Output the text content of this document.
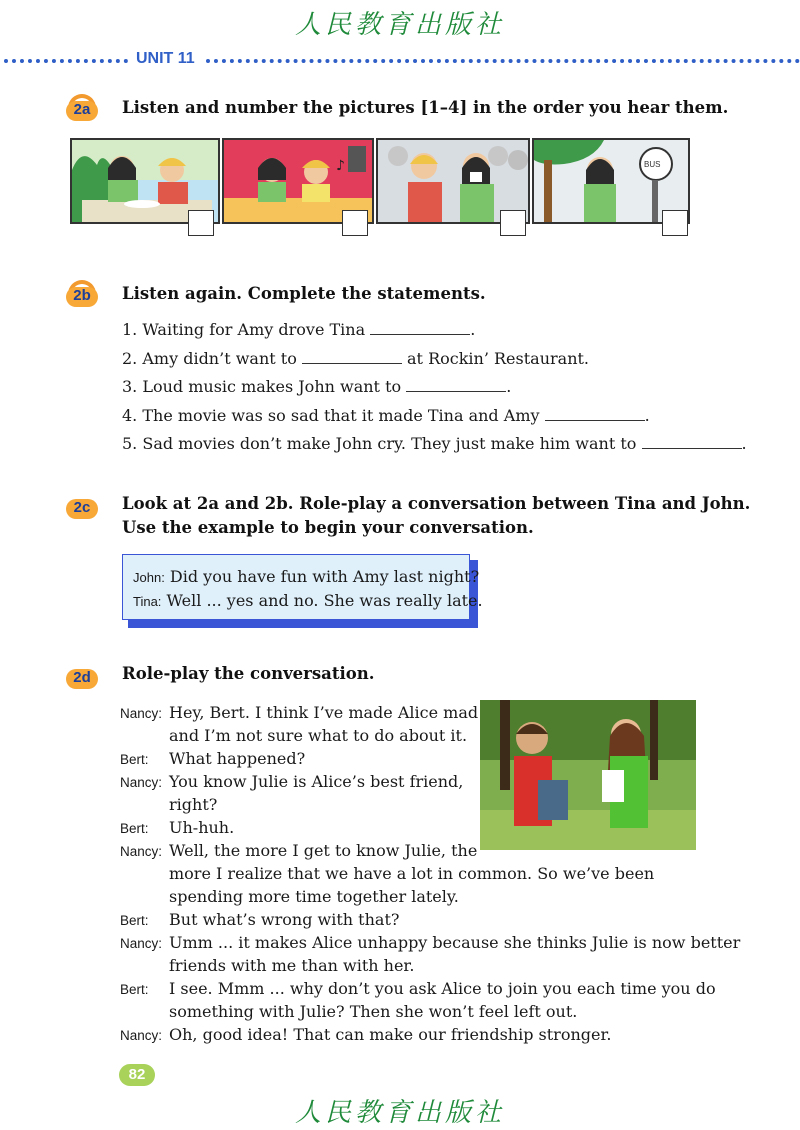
人民教育出版社
UNIT 11
2a	Listen and number the pictures [1–4] in the order you hear them.
♪	BUS
2b	Listen again. Complete the statements.
1. Waiting for Amy drove Tina	.
2. Amy didn’t want to	at Rockin’ Restaurant.
3. Loud music makes John want to	.
4. The movie was so sad that it made Tina and Amy	.
5. Sad movies don’t make John cry. They just make him want to	.
2c	Look at 2a and 2b. Role-play a conversation between Tina and John.
Use the example to begin your conversation.
John: Did you have fun with Amy last night?
Tina: Well ... yes and no. She was really late.
2d	Role-play the conversation.
Nancy: Hey, Bert. I think I’ve made Alice mad
and I’m not sure what to do about it.
Bert: What happened?
Nancy: You know Julie is Alice’s best friend,
right?
Bert: Uh-huh.
Nancy: Well, the more I get to know Julie, the
more I realize that we have a lot in common. So we’ve been
spending more time together lately.
Bert: But what’s wrong with that?
Nancy: Umm ... it makes Alice unhappy because she thinks Julie is now better
friends with me than with her.
Bert: I see. Mmm ... why don’t you ask Alice to join you each time you do
something with Julie? Then she won’t feel left out.
Nancy: Oh, good idea! That can make our friendship stronger.
82
人民教育出版社
